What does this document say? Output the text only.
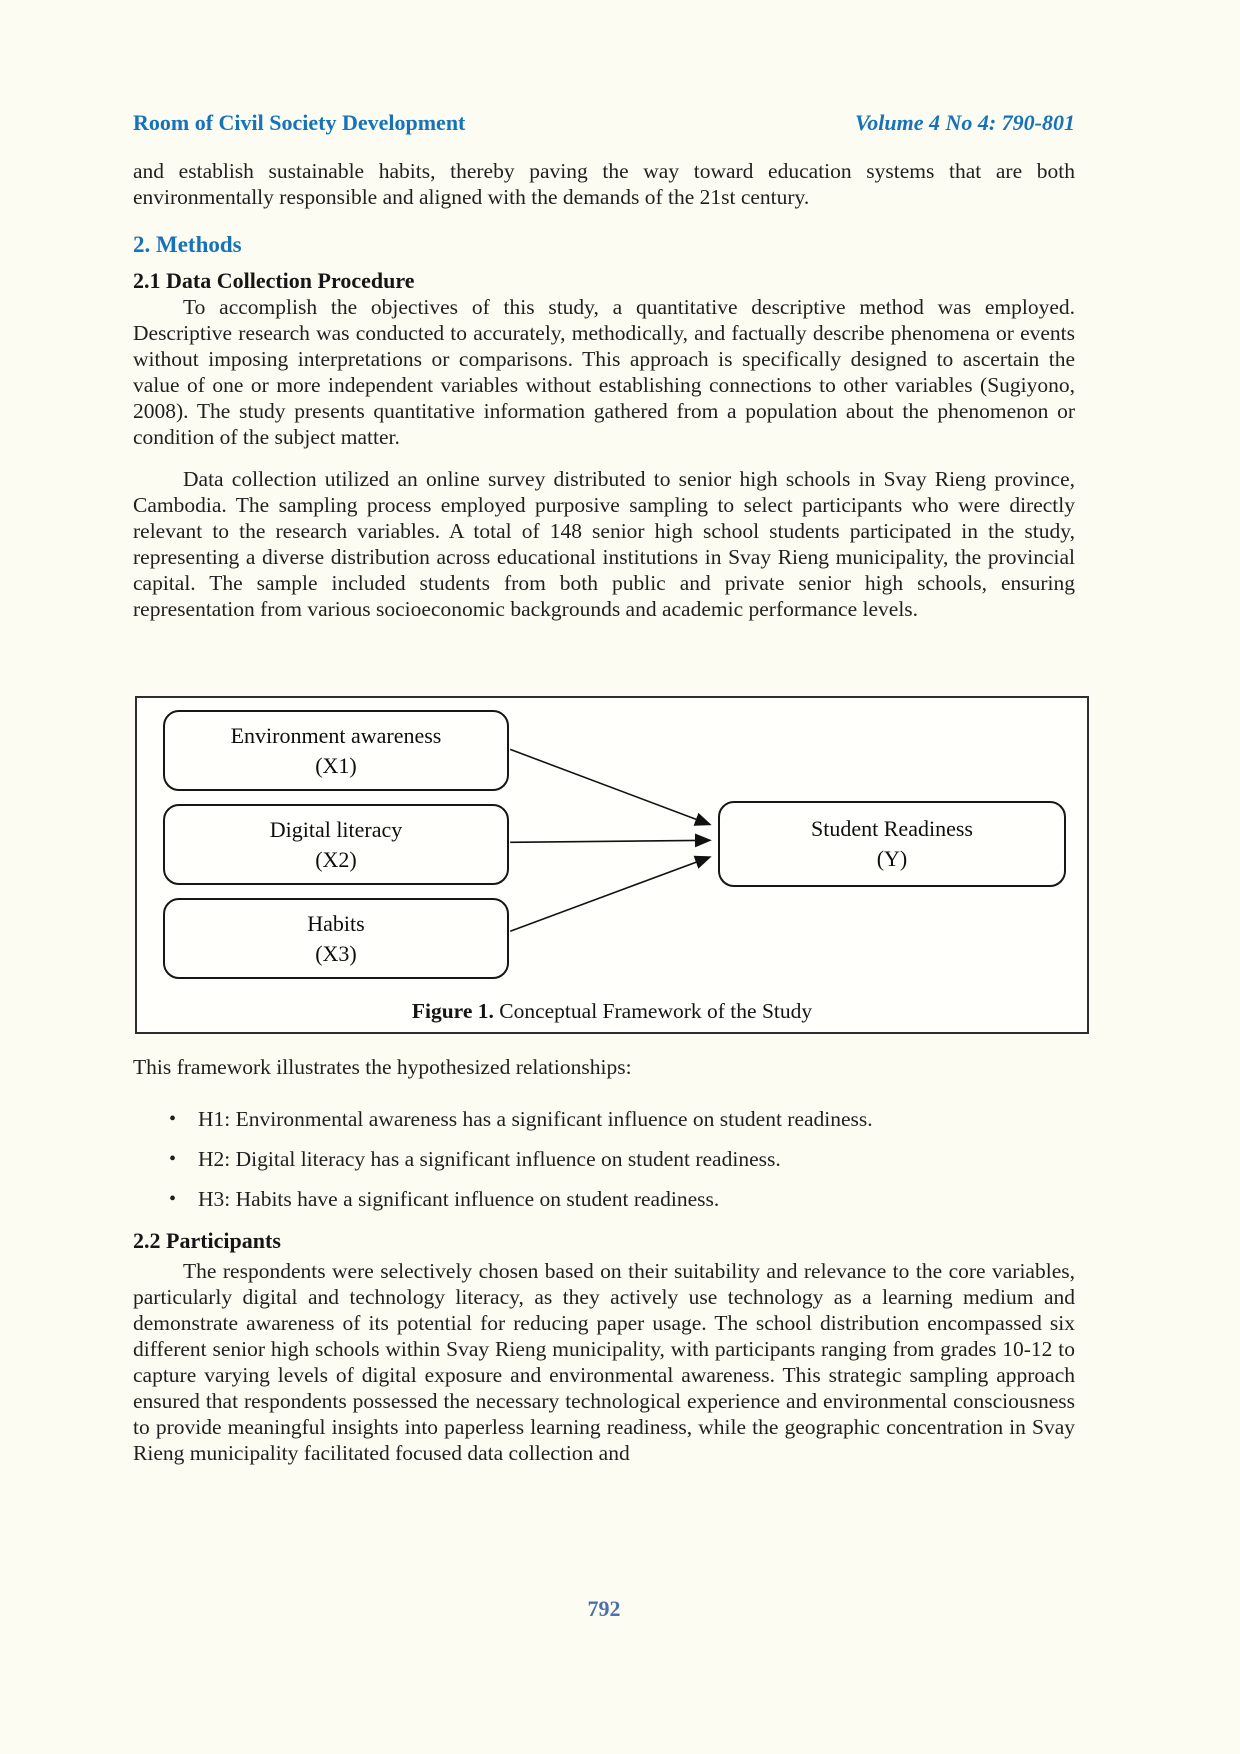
Room of Civil Society Development	Volume 4 No 4: 790-801

and establish sustainable habits, thereby paving the way toward education systems that are both environmentally responsible and aligned with the demands of the 21st century.

2. Methods
2.1 Data Collection Procedure

To accomplish the objectives of this study, a quantitative descriptive method was employed. Descriptive research was conducted to accurately, methodically, and factually describe phenomena or events without imposing interpretations or comparisons. This approach is specifically designed to ascertain the value of one or more independent variables without establishing connections to other variables (Sugiyono, 2008). The study presents quantitative information gathered from a population about the phenomenon or condition of the subject matter.

Data collection utilized an online survey distributed to senior high schools in Svay Rieng province, Cambodia. The sampling process employed purposive sampling to select participants who were directly relevant to the research variables. A total of 148 senior high school students participated in the study, representing a diverse distribution across educational institutions in Svay Rieng municipality, the provincial capital. The sample included students from both public and private senior high schools, ensuring representation from various socioeconomic backgrounds and academic performance levels.

Environment awareness
(X1)
Digital literacy
(X2)
Habits
(X3)
Student Readiness
(Y)
Figure 1. Conceptual Framework of the Study

This framework illustrates the hypothesized relationships:

• H1: Environmental awareness has a significant influence on student readiness.
• H2: Digital literacy has a significant influence on student readiness.
• H3: Habits have a significant influence on student readiness.
2.2 Participants

The respondents were selectively chosen based on their suitability and relevance to the core variables, particularly digital and technology literacy, as they actively use technology as a learning medium and demonstrate awareness of its potential for reducing paper usage. The school distribution encompassed six different senior high schools within Svay Rieng municipality, with participants ranging from grades 10-12 to capture varying levels of digital exposure and environmental awareness. This strategic sampling approach ensured that respondents possessed the necessary technological experience and environmental consciousness to provide meaningful insights into paperless learning readiness, while the geographic concentration in Svay Rieng municipality facilitated focused data collection and

792
